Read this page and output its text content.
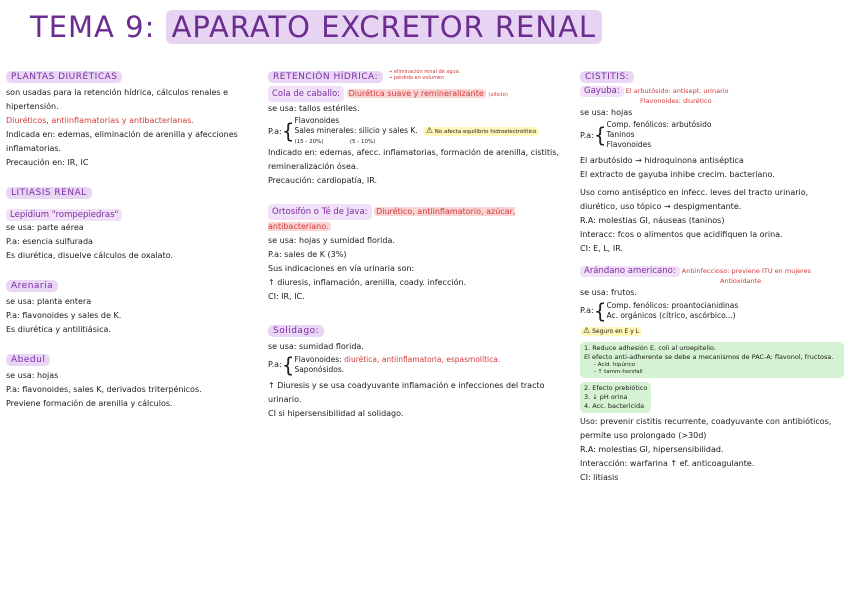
TEMA 9: APARATO EXCRETOR RENAL
PLANTAS DIURÉTICAS
son usadas para la retención hídrica, cálculos renales e hipertensión.
Diuréticos, antiinflamatorias y antibacterianas.
Indicada en: edemas, eliminación de arenilla y afecciones inflamatorias.
Precaución en: IR, IC
LITIASIS RENAL
Lepidium "rompepiedras"
se usa: parte aérea
P.a: esencia sulfurada
Es diurética, disuelve cálculos de oxalato.
Arenaria
se usa: planta entera
P.a: flavonoides y sales de K.
Es diurética y antilitiásica.
Abedul
se usa: hojas
P.a: flavonoides, sales K, derivados triterpénicos.
Previene formación de arenilla y cálculos.
RETENCIÓN HÍDRICA: → eliminación renal de agua.
→ pérdida en volumen
Cola de caballo: Diurética suave y remineralizante (silicio)
se usa: tallos estériles.
P.a:{Flavonoides
Sales minerales: silicio y sales K.
(15 - 20%)	(5 - 10%) ⚠ No afecta equilibrio hidroelectrolítico
Indicado en: edemas, afecc. inflamatorias, formación de arenilla, cistitis, remineralización ósea.
Precaución: cardiopatía, IR.
Ortosifón o Té de Java: Diurético, antiinflamatorio, azúcar, antibacteriano.
se usa: hojas y sumidad florida.
P.a: sales de K (3%)
Sus indicaciones en vía urinaria son:
↑ diuresis, inflamación, arenilla, coady. infección.
CI: IR, IC.
Solidago:
se usa: sumidad florida.
P.a:{Flavonoides: diurética, antiinflamatoria, espasmolítica.
Saponósidos.
↑ Diuresis y se usa coadyuvante inflamación e infecciones del tracto urinario.
CI si hipersensibilidad al solidago.
CISTITIS:
Gayuba: El arbutósido: antisept. urinario
Flavonoides: diurético
se usa: hojas
P.a:{Comp. fenólicos: arbutósido
Taninos
Flavonoides
El arbutósido → hidroquinona antiséptica
El extracto de gayuba inhibe crecim. bacteriano.
Uso como antiséptico en infecc. leves del tracto urinario, diurético, uso tópico → despigmentante.
R.A: molestias GI, náuseas (taninos)
Interacc: fcos o alimentos que acidifiquen la orina.
CI: E, L, IR.
Arándano americano: Antiinfeccioso: previene ITU en mujeres
Antioxidante
se usa: frutos.
P.a:{Comp. fenólicos: proantocianidinas
Ac. orgánicos (cítrico, ascórbico...)
⚠ Seguro en E y L
1. Reduce adhesión E. coli al uroepitelio.
El efecto anti-adherente se debe a mecanismos de PAC-A: flavonol, fructosa.
- Acid. hipúrico
- ↑ tamm-horsfall
2. Efecto prebiótico
3. ↓ pH orina
4. Acc. bactericida
Uso: prevenir cistitis recurrente, coadyuvante con antibióticos, permite uso prolongado (>30d)
R.A: molestias GI, hipersensibilidad.
Interacción: warfarina ↑ ef. anticoagulante.
CI: litiasis
